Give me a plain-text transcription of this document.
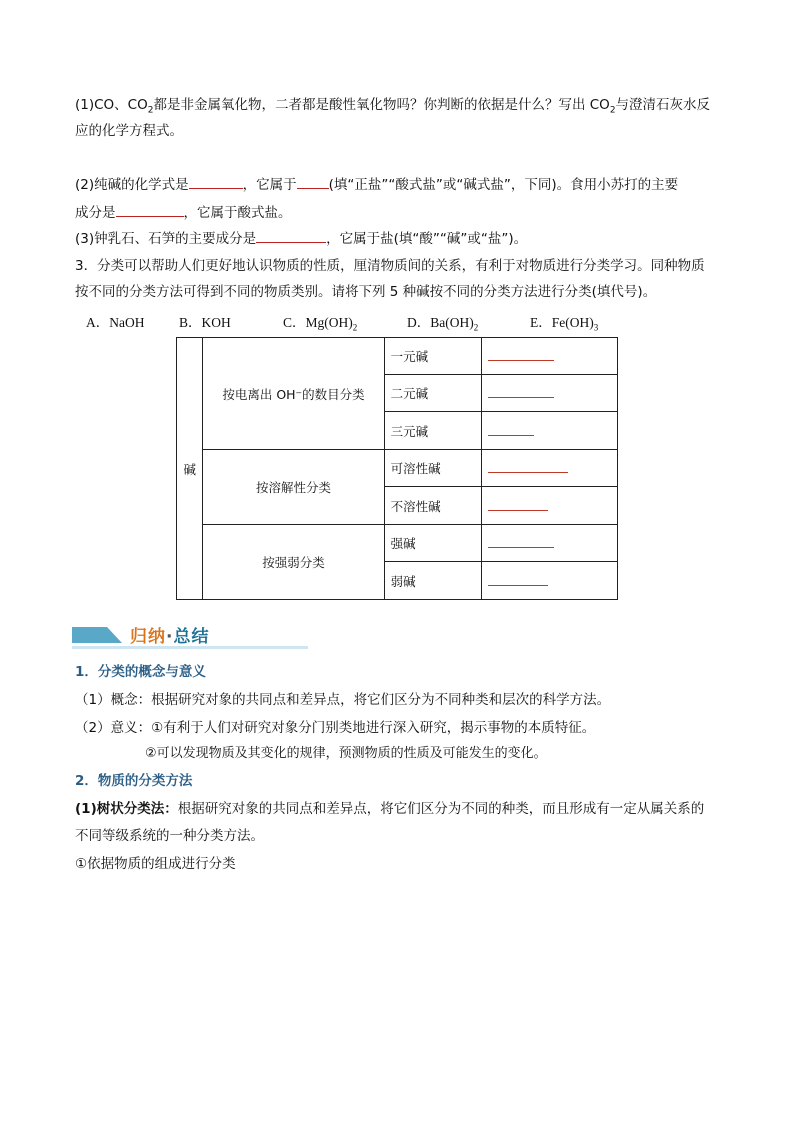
(1)CO、$CO_2$都是非金属氧化物，二者都是酸性氧化物吗？你判断的依据是什么？写出 $CO_2$与澄清石灰水反
应的化学方程式。
(2)纯碱的化学式是	，它属于 (填“正盐”“酸式盐”或“碱式盐”，下同)。食用小苏打的主要
成分是	，它属于酸式盐。
(3)钟乳石、石笋的主要成分是	，它属于盐(填“酸”“碱”或“盐”)。
3．分类可以帮助人们更好地认识物质的性质，厘清物质间的关系，有利于对物质进行分类学习。同种物质
按不同的分类方法可得到不同的物质类别。请将下列 5 种碱按不同的分类方法进行分类(填代号)。
A．NaOH	B．KOH	C．$Mg(OH)_2$	D．$Ba(OH)_2$	E．$Fe(OH)_3$
碱	按电离出 OH⁻的数目分类	一元碱	
		二元碱	
		三元碱	
	按溶解性分类	可溶性碱	
		不溶性碱	
	按强弱分类	强碱	
		弱碱	
归纳·总结
1．分类的概念与意义
（1）概念：根据研究对象的共同点和差异点，将它们区分为不同种类和层次的科学方法。
（2）意义：①有利于人们对研究对象分门别类地进行深入研究，揭示事物的本质特征。
②可以发现物质及其变化的规律，预测物质的性质及可能发生的变化。
2．物质的分类方法
(1)树状分类法：根据研究对象的共同点和差异点，将它们区分为不同的种类，而且形成有一定从属关系的
不同等级系统的一种分类方法。
①依据物质的组成进行分类
